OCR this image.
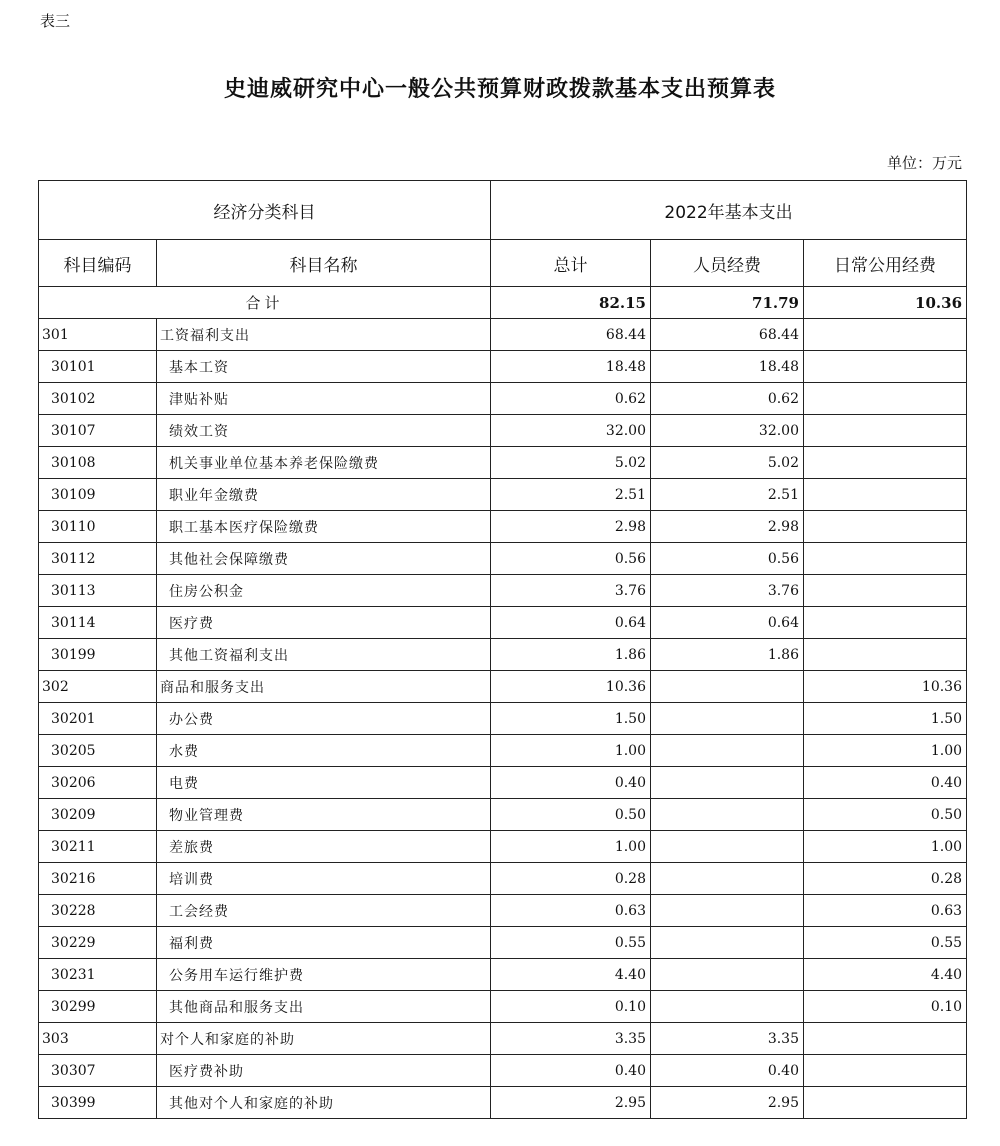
表三
史迪威研究中心一般公共预算财政拨款基本支出预算表
单位：万元
经济分类科目		2022年基本支出		
科目编码	科目名称	总计	人员经费	日常公用经费
合计		82.15	71.79	10.36
301	工资福利支出	68.44	68.44	
30101	基本工资	18.48	18.48	
30102	津贴补贴	0.62	0.62	
30107	绩效工资	32.00	32.00	
30108	机关事业单位基本养老保险缴费	5.02	5.02	
30109	职业年金缴费	2.51	2.51	
30110	职工基本医疗保险缴费	2.98	2.98	
30112	其他社会保障缴费	0.56	0.56	
30113	住房公积金	3.76	3.76	
30114	医疗费	0.64	0.64	
30199	其他工资福利支出	1.86	1.86	
302	商品和服务支出	10.36		10.36
30201	办公费	1.50		1.50
30205	水费	1.00		1.00
30206	电费	0.40		0.40
30209	物业管理费	0.50		0.50
30211	差旅费	1.00		1.00
30216	培训费	0.28		0.28
30228	工会经费	0.63		0.63
30229	福利费	0.55		0.55
30231	公务用车运行维护费	4.40		4.40
30299	其他商品和服务支出	0.10		0.10
303	对个人和家庭的补助	3.35	3.35	
30307	医疗费补助	0.40	0.40	
30399	其他对个人和家庭的补助	2.95	2.95	
